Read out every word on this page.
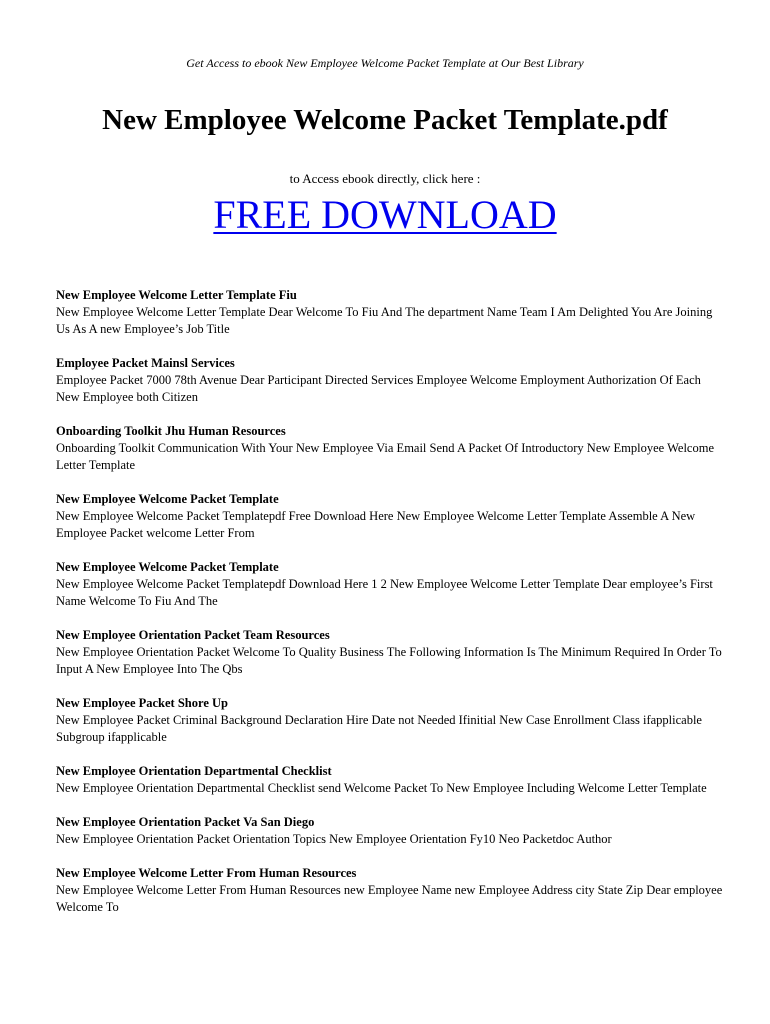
Get Access to ebook New Employee Welcome Packet Template at Our Best Library
New Employee Welcome Packet Template.pdf
to Access ebook directly, click here :
FREE DOWNLOAD
New Employee Welcome Letter Template Fiu
New Employee Welcome Letter Template Dear Welcome To Fiu And The department Name Team I Am Delighted You Are Joining Us As A new Employee’s Job Title
Employee Packet Mainsl Services
Employee Packet 7000 78th Avenue Dear Participant Directed Services Employee Welcome Employment Authorization Of Each New Employee both Citizen
Onboarding Toolkit Jhu Human Resources
Onboarding Toolkit Communication With Your New Employee Via Email Send A Packet Of Introductory New Employee Welcome Letter Template
New Employee Welcome Packet Template
New Employee Welcome Packet Templatepdf Free Download Here New Employee Welcome Letter Template Assemble A New Employee Packet welcome Letter From
New Employee Welcome Packet Template
New Employee Welcome Packet Templatepdf Download Here 1 2 New Employee Welcome Letter Template Dear employee’s First Name Welcome To Fiu And The
New Employee Orientation Packet Team Resources
New Employee Orientation Packet Welcome To Quality Business The Following Information Is The Minimum Required In Order To Input A New Employee Into The Qbs
New Employee Packet Shore Up
New Employee Packet Criminal Background Declaration Hire Date not Needed Ifinitial New Case Enrollment Class ifapplicable Subgroup ifapplicable
New Employee Orientation Departmental Checklist
New Employee Orientation Departmental Checklist send Welcome Packet To New Employee Including Welcome Letter Template
New Employee Orientation Packet Va San Diego
New Employee Orientation Packet Orientation Topics New Employee Orientation Fy10 Neo Packetdoc Author
New Employee Welcome Letter From Human Resources
New Employee Welcome Letter From Human Resources new Employee Name new Employee Address city State Zip Dear employee Welcome To
